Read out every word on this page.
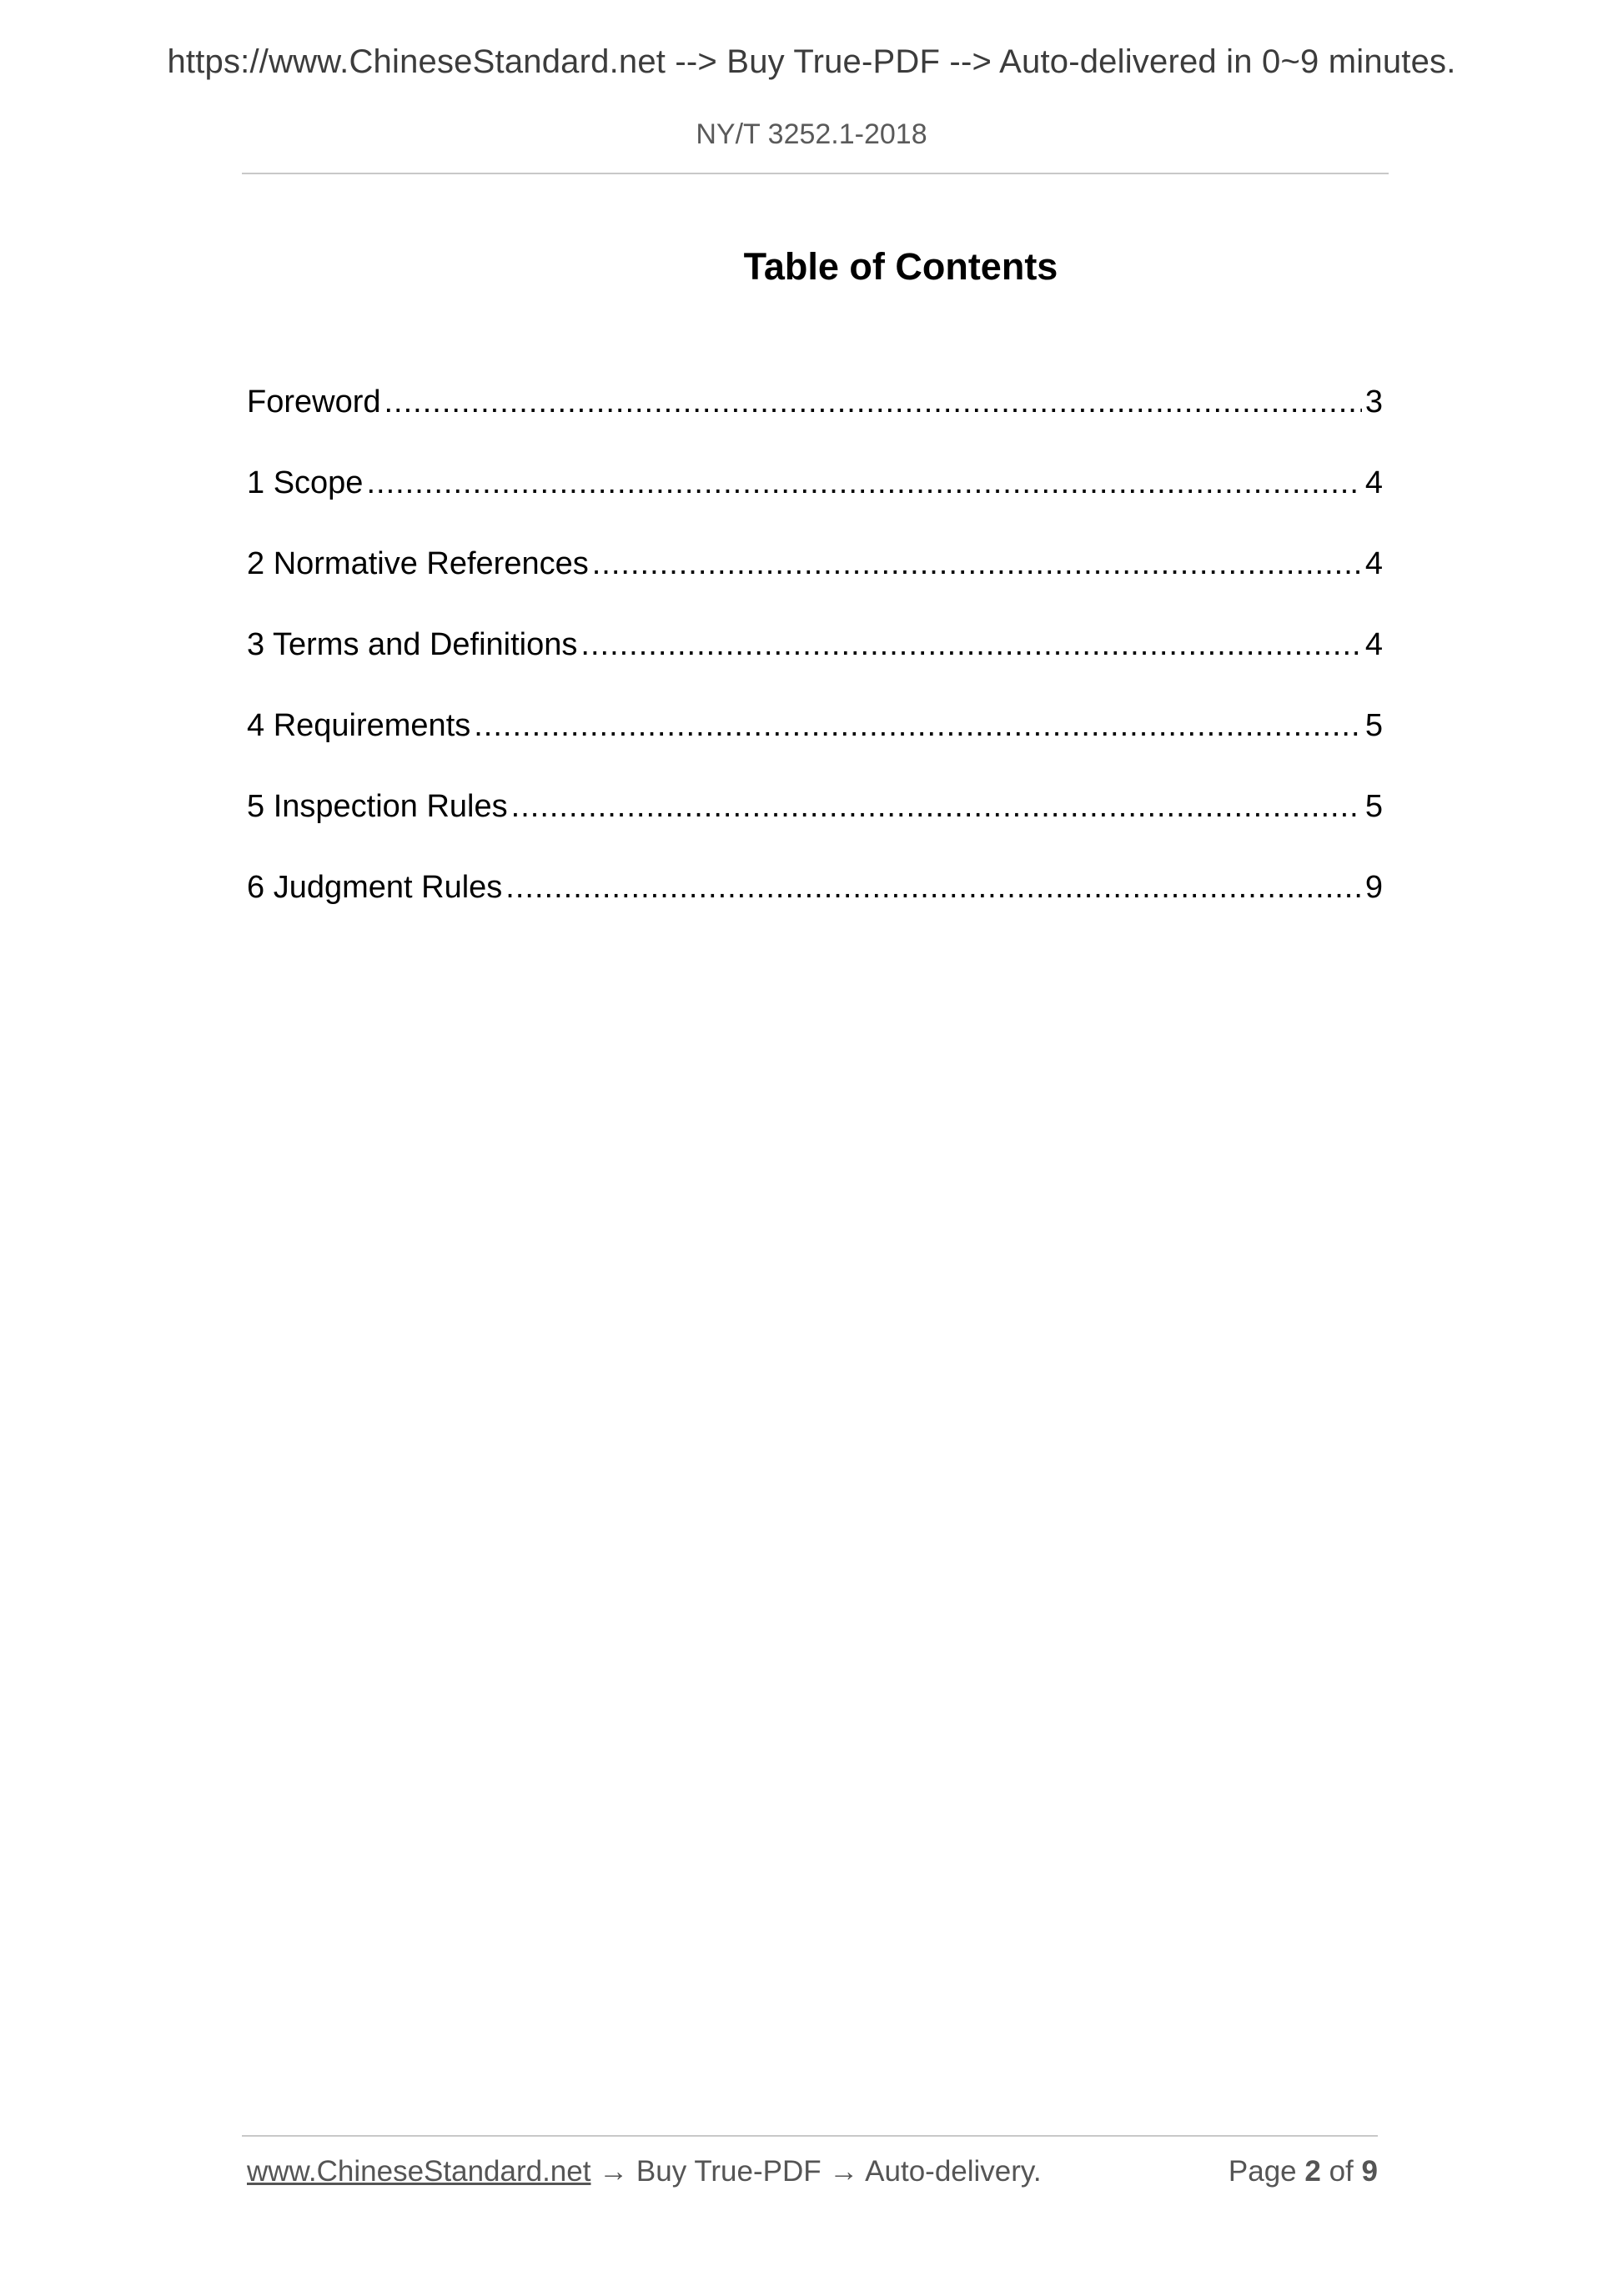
https://www.ChineseStandard.net --> Buy True-PDF --> Auto-delivered in 0~9 minutes.
NY/T 3252.1-2018
Table of Contents
Foreword .....	3
1 Scope .....	4
2 Normative References .....	4
3 Terms and Definitions .....	4
4 Requirements .....	5
5 Inspection Rules .....	5
6 Judgment Rules .....	9
www.ChineseStandard.net → Buy True-PDF → Auto-delivery.	Page 2 of 9
